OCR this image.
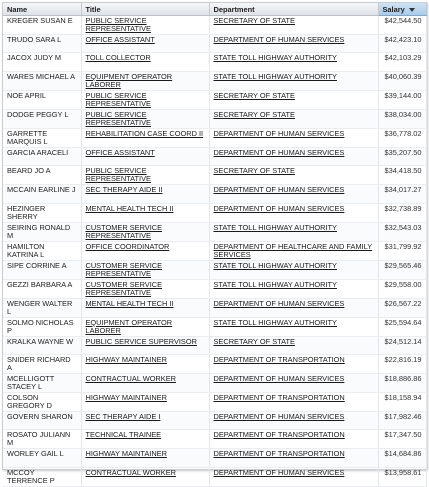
Name	Title	Department	Salary
KREGER SUSAN E	PUBLIC SERVICE REPRESENTATIVE	SECRETARY OF STATE	$42,544.50
TRUDO SARA L	OFFICE ASSISTANT	DEPARTMENT OF HUMAN SERVICES	$42,423.10
JACOX JUDY M	TOLL COLLECTOR	STATE TOLL HIGHWAY AUTHORITY	$42,103.29
WARES MICHAEL A	EQUIPMENT OPERATOR LABORER	STATE TOLL HIGHWAY AUTHORITY	$40,060.39
NOE APRIL	PUBLIC SERVICE REPRESENTATIVE	SECRETARY OF STATE	$39,144.00
DODGE PEGGY L	PUBLIC SERVICE REPRESENTATIVE	SECRETARY OF STATE	$38,034.00
GARRETTE MARQUIS L	REHABILITATION CASE COORD II	DEPARTMENT OF HUMAN SERVICES	$36,778.02
GARCIA ARACELI	OFFICE ASSISTANT	DEPARTMENT OF HUMAN SERVICES	$35,207.50
BEARD JO A	PUBLIC SERVICE REPRESENTATIVE	SECRETARY OF STATE	$34,418.50
MCCAIN EARLINE J	SEC THERAPY AIDE II	DEPARTMENT OF HUMAN SERVICES	$34,017.27
HEZINGER SHERRY	MENTAL HEALTH TECH II	DEPARTMENT OF HUMAN SERVICES	$32,738.89
SEIRING RONALD M	CUSTOMER SERVICE REPRESENTATIVE	STATE TOLL HIGHWAY AUTHORITY	$32,543.03
HAMILTON KATRINA L	OFFICE COORDINATOR	DEPARTMENT OF HEALTHCARE AND FAMILY SERVICES	$31,799.92
SIPE CORRINE A	CUSTOMER SERVICE REPRESENTATIVE	STATE TOLL HIGHWAY AUTHORITY	$29,565.46
GEZZI BARBARA A	CUSTOMER SERVICE REPRESENTATIVE	STATE TOLL HIGHWAY AUTHORITY	$29,558.00
WENGER WALTER L	MENTAL HEALTH TECH II	DEPARTMENT OF HUMAN SERVICES	$26,567.22
SOLMO NICHOLAS P	EQUIPMENT OPERATOR LABORER	STATE TOLL HIGHWAY AUTHORITY	$25,594.64
KRALKA WAYNE W	PUBLIC SERVICE SUPERVISOR	SECRETARY OF STATE	$24,512.14
SNIDER RICHARD A	HIGHWAY MAINTAINER	DEPARTMENT OF TRANSPORTATION	$22,816.19
MCELLIGOTT STACEY L	CONTRACTUAL WORKER	DEPARTMENT OF HUMAN SERVICES	$18,886.86
COLSON GREGORY D	HIGHWAY MAINTAINER	DEPARTMENT OF TRANSPORTATION	$18,158.94
GOVERN SHARON	SEC THERAPY AIDE I	DEPARTMENT OF HUMAN SERVICES	$17,982.46
ROSATO JULIANN M	TECHNICAL TRAINEE	DEPARTMENT OF TRANSPORTATION	$17,347.50
WORLEY GAIL L	HIGHWAY MAINTAINER	DEPARTMENT OF TRANSPORTATION	$14,684.86
MCCOY TERRENCE P	CONTRACTUAL WORKER	DEPARTMENT OF HUMAN SERVICES	$13,958.61
